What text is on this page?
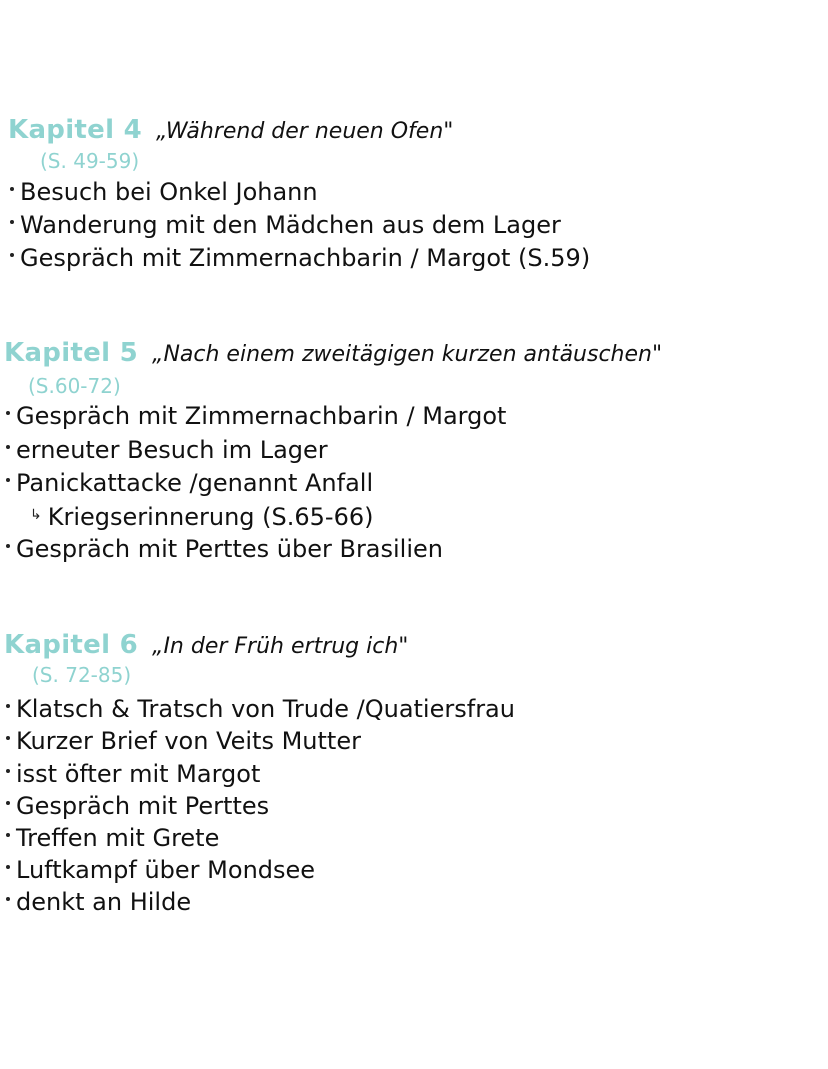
Kapitel 4 „Während der neuen Ofen"
(S. 49-59)
Besuch bei Onkel Johann
Wanderung mit den Mädchen aus dem Lager
Gespräch mit Zimmernachbarin / Margot (S.59)
Kapitel 5 „Nach einem zweitägigen kurzen antäuschen"
(S.60-72)
Gespräch mit Zimmernachbarin / Margot
erneuter Besuch im Lager
Panickattacke /genannt Anfall
↳ Kriegserinnerung (S.65-66)
Gespräch mit Perttes über Brasilien
Kapitel 6 „In der Früh ertrug ich"
(S. 72-85)
Klatsch & Tratsch von Trude /Quatiersfrau
Kurzer Brief von Veits Mutter
isst öfter mit Margot
Gespräch mit Perttes
Treffen mit Grete
Luftkampf über Mondsee
denkt an Hilde
